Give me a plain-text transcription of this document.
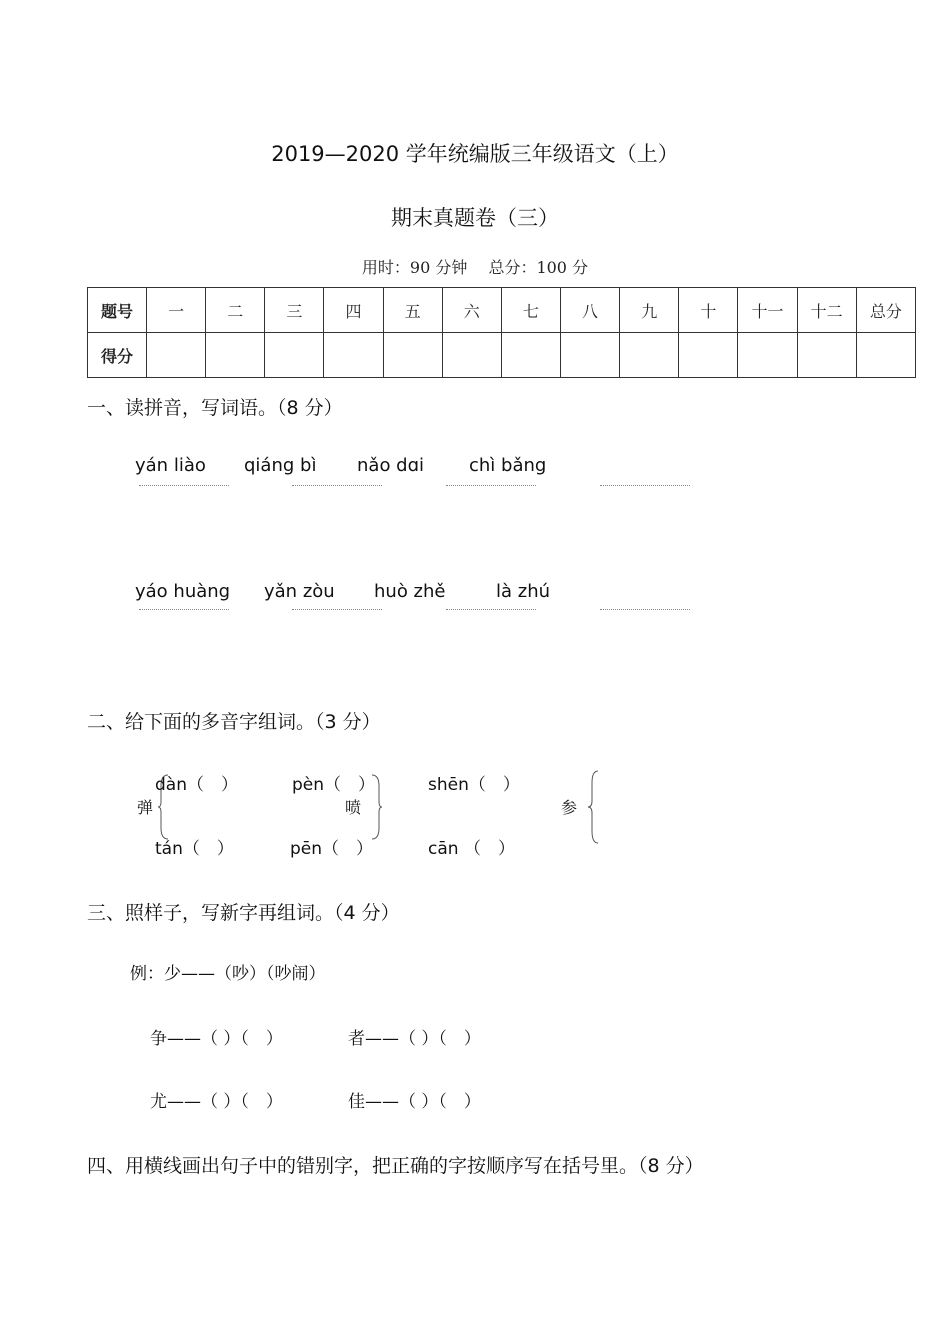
2019—2020 学年统编版三年级语文（上）
期末真题卷（三）
用时：90 分钟　 总分：100 分
题号	一	二	三	四	五	六	七	八	九	十	十一	十二	总分
得分													
一、读拼音，写词语。（8 分）
yán liào qiáng bì nǎo dɑi chì bǎng
yáo huàng yǎn zòu huò zhě	là zhú
二、给下面的多音字组词。（3 分）
弹
dàn（　）
tán（　）
喷
pèn（　）
pēn（　）
参
shēn（　）
cān （　）
三、照样子，写新字再组词。（4 分）
例：少——（吵）（吵闹）
争——（ ）（　）	者——（ ）（　）
尤——（ ）（　）	佳——（ ）（　）
四、用横线画出句子中的错别字，把正确的字按顺序写在括号里。（8 分）
